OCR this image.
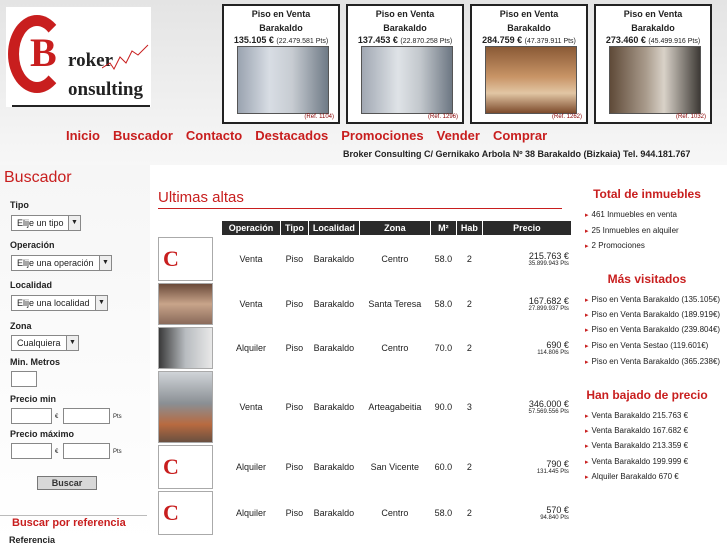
B roker
onsulting
Piso en Venta
Barakaldo
135.105 € (22.479.581 Pts)
(Ref. 1104)
Piso en Venta
Barakaldo
137.453 € (22.870.258 Pts)
(Ref. 1296)
Piso en Venta
Barakaldo
284.759 € (47.379.911 Pts)
(Ref. 1262)
Piso en Venta
Barakaldo
273.460 € (45.499.916 Pts)
(Ref. 1032)
Inicio Buscador Contacto Destacados Promociones Vender Comprar
Broker Consulting C/ Gernikako Arbola Nº 38 Barakaldo (Bizkaia) Tel. 944.181.767
Buscador
Tipo
Elije un tipo	▼
Operación
Elije una operación	▼
Localidad
Elije una localidad	▼
Zona
Cualquiera	▼
Min. Metros
Precio min
€	Pts
Precio máximo
€	Pts
Buscar
Buscar por referencia
Referencia
Ultimas altas
	Operación	Tipo	Localidad	Zona	M²	Hab	Precio

C	Venta	Piso	Barakaldo	Centro	58.0	2	215.763 €
35.899.943 Pts

	Venta	Piso	Barakaldo	Santa Teresa	58.0	2	167.682 €
27.899.937 Pts

	Alquiler	Piso	Barakaldo	Centro	70.0	2	690 €
114.806 Pts

	Venta	Piso	Barakaldo	Arteagabeitia	90.0	3	346.000 €
57.569.556 Pts

C	Alquiler	Piso	Barakaldo	San Vicente	60.0	2	790 €
131.445 Pts

C	Alquiler	Piso	Barakaldo	Centro	58.0	2	570 €
94.840 Pts
Total de inmuebles
▸ 461 Inmuebles en venta
▸ 25 Inmuebles en alquiler
▸ 2 Promociones
Más visitados
▸ Piso en Venta Barakaldo (135.105€)
▸ Piso en Venta Barakaldo (189.919€)
▸ Piso en Venta Barakaldo (239.804€)
▸ Piso en Venta Sestao (119.601€)
▸ Piso en Venta Barakaldo (365.238€)
Han bajado de precio
▸ Venta Barakaldo 215.763 €
▸ Venta Barakaldo 167.682 €
▸ Venta Barakaldo 213.359 €
▸ Venta Barakaldo 199.999 €
▸ Alquiler Barakaldo 670 €
